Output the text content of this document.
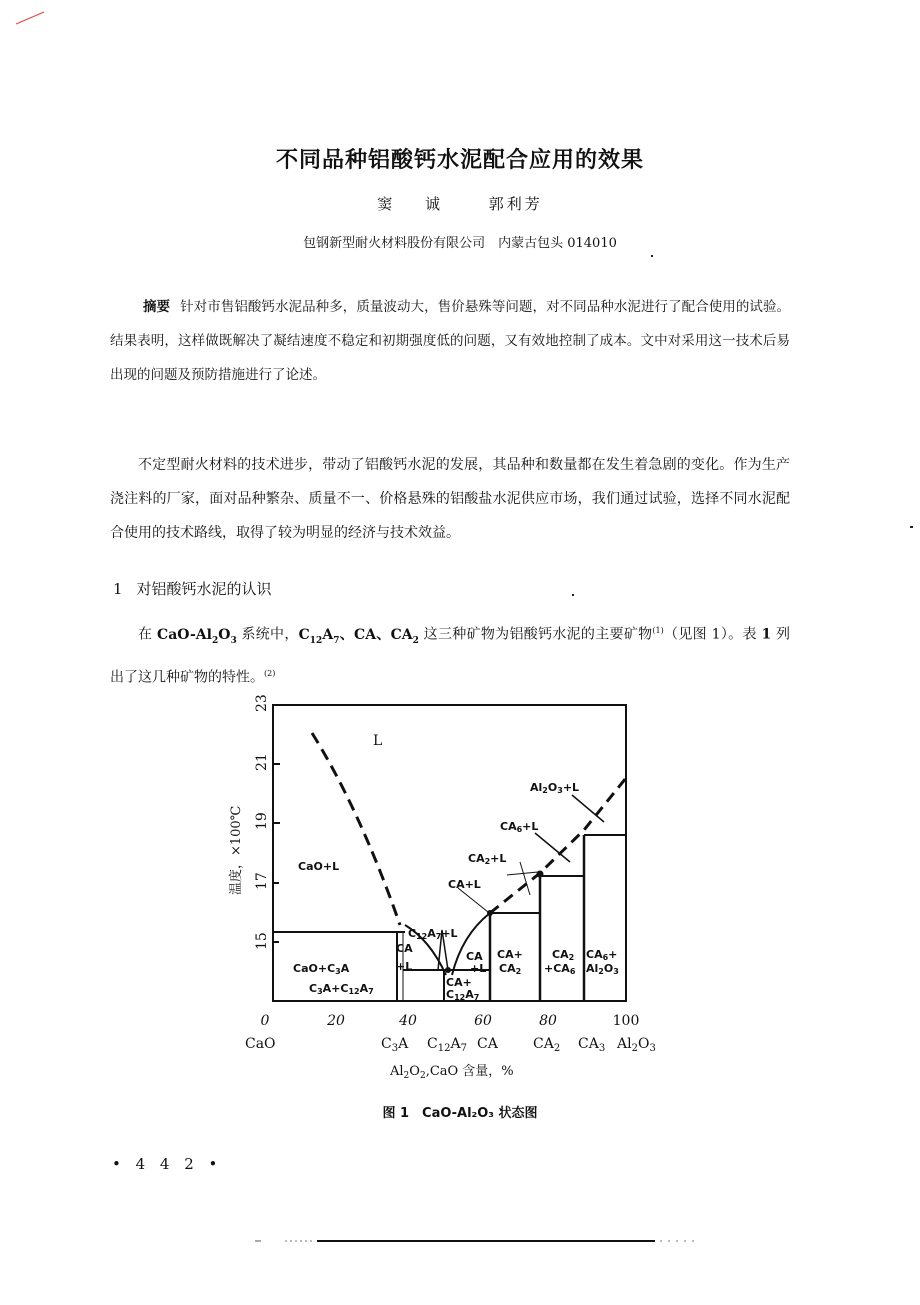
不同品种铝酸钙水泥配合应用的效果
窦 诚 郭利芳
包钢新型耐火材料股份有限公司　内蒙古包头 014010
摘要 针对市售铝酸钙水泥品种多，质量波动大，售价悬殊等问题，对不同品种水泥进行了配合使用的试验。结果表明，这样做既解决了凝结速度不稳定和初期强度低的问题，又有效地控制了成本。文中对采用这一技术后易出现的问题及预防措施进行了论述。
不定型耐火材料的技术进步，带动了铝酸钙水泥的发展，其品种和数量都在发生着急剧的变化。作为生产浇注料的厂家，面对品种繁杂、质量不一、价格悬殊的铝酸盐水泥供应市场，我们通过试验，选择不同水泥配合使用的技术路线，取得了较为明显的经济与技术效益。
1 对铝酸钙水泥的认识
在 CaO-$Al_2O_3$ 系统中，$C_{12}A_7$、CA、$CA_2$ 这三种矿物为铝酸钙水泥的主要矿物$^{(1)}$（见图 1）。表 1 列出了这几种矿物的特性。$^{(2)}$
L
CaO+L
CaO+C3A
C3A+C12A7
C12A7+L
CA
+L
CA
+L
CA+
C12A7
CA+
CA2
CA+L
CA2+L
CA6+L
Al2O3+L
CA2
+CA6
CA6+
Al2O3
23
21
19
17
15
温度，×100℃
0	20	40	60	80	100
CaO	$C_3A$ $C_{12}A_7$ CA	$CA_2$ $CA_3$ $Al_2O_3$
$Al_2O_2,CaO$ 含量，%
图 1　CaO-Al₂O₃ 状态图
• 4 4 2 •
